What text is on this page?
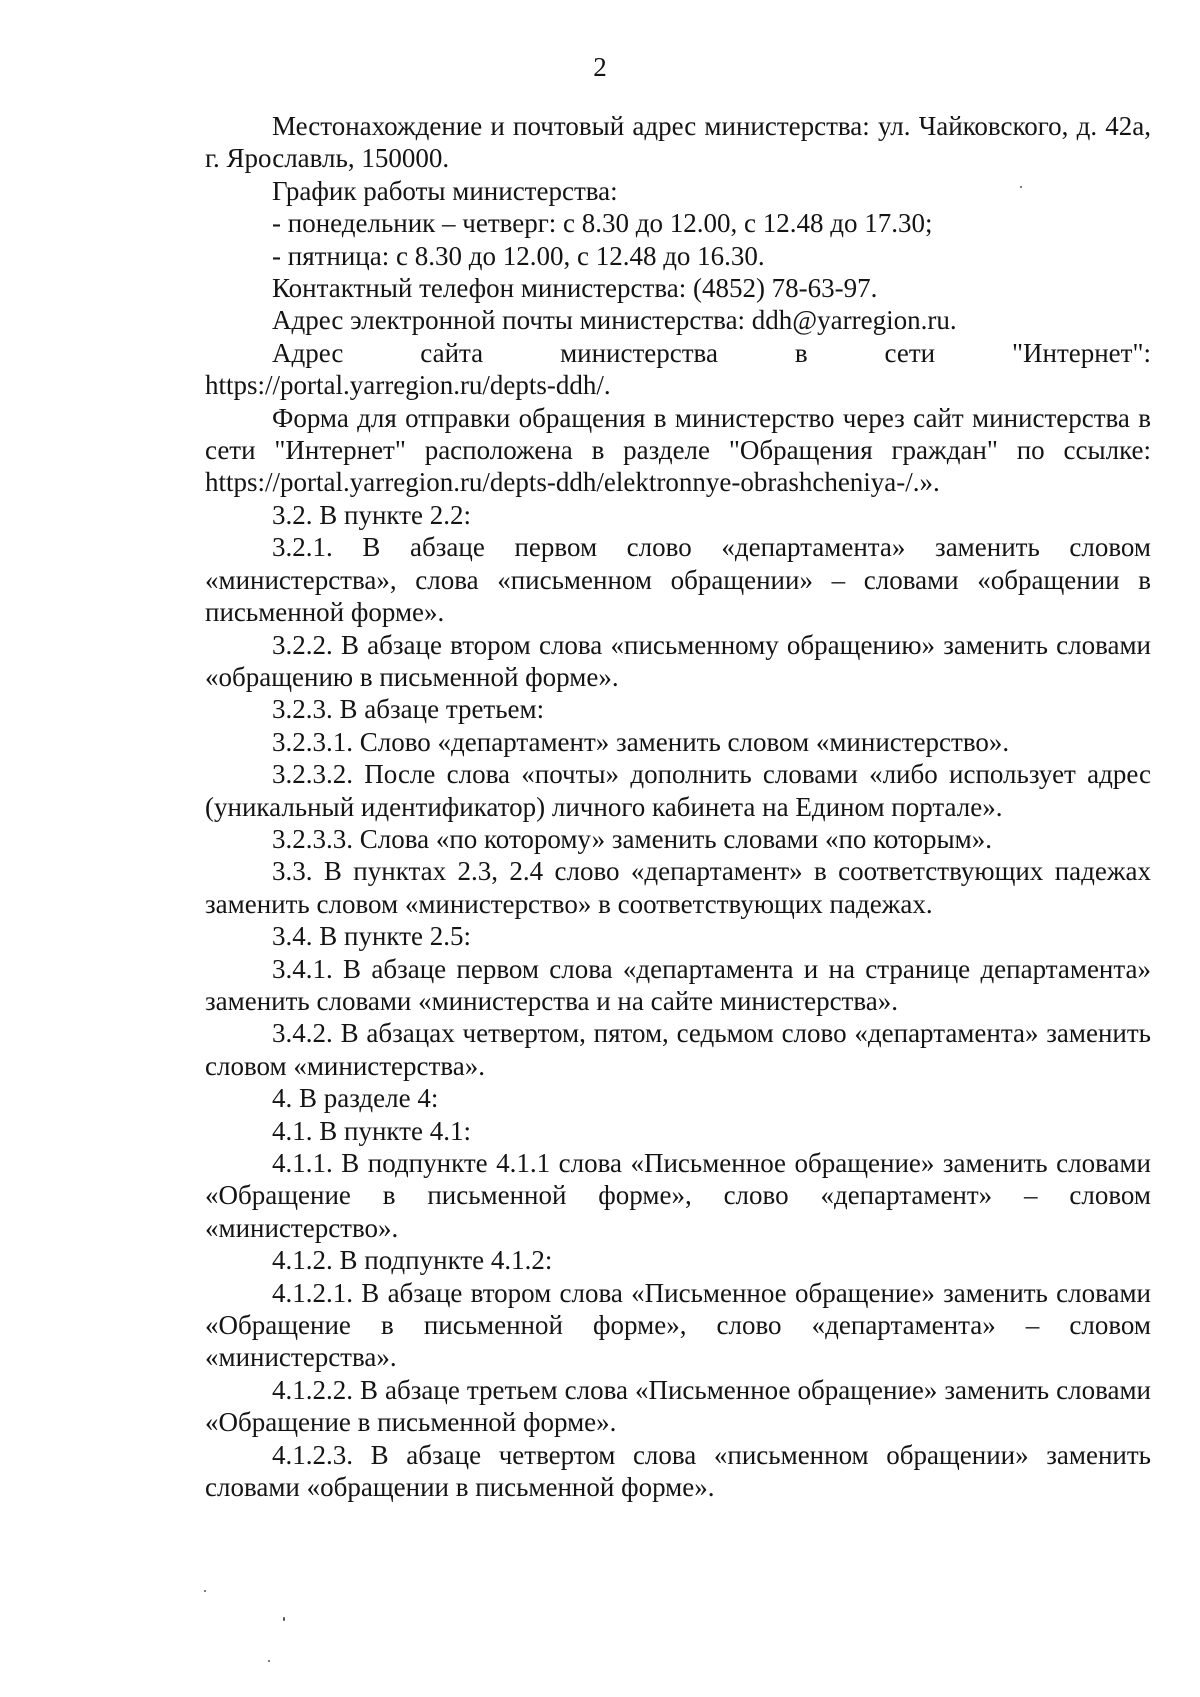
2

Местонахождение и почтовый адрес министерства: ул. Чайковского, д. 42а, г. Ярославль, 150000.

График работы министерства:

- понедельник – четверг: с 8.30 до 12.00, с 12.48 до 17.30;

- пятница: с 8.30 до 12.00, с 12.48 до 16.30.

Контактный телефон министерства: (4852) 78-63-97.

Адрес электронной почты министерства: ddh@yarregion.ru.

Адрес сайта министерства в сети "Интернет":

https://portal.yarregion.ru/depts-ddh/.

Форма для отправки обращения в министерство через сайт министерства в сети "Интернет" расположена в разделе "Обращения граждан" по ссылке: https://portal.yarregion.ru/depts-ddh/elektronnye-obrashcheniya-/.».

3.2. В пункте 2.2:

3.2.1. В абзаце первом слово «департамента» заменить словом «министерства», слова «письменном обращении» – словами «обращении в письменной форме».

3.2.2. В абзаце втором слова «письменному обращению» заменить словами «обращению в письменной форме».

3.2.3. В абзаце третьем:

3.2.3.1. Слово «департамент» заменить словом «министерство».

3.2.3.2. После слова «почты» дополнить словами «либо использует адрес (уникальный идентификатор) личного кабинета на Едином портале».

3.2.3.3. Слова «по которому» заменить словами «по которым».

3.3. В пунктах 2.3, 2.4 слово «департамент» в соответствующих падежах заменить словом «министерство» в соответствующих падежах.

3.4. В пункте 2.5:

3.4.1. В абзаце первом слова «департамента и на странице департамента» заменить словами «министерства и на сайте министерства».

3.4.2. В абзацах четвертом, пятом, седьмом слово «департамента» заменить словом «министерства».

4. В разделе 4:

4.1. В пункте 4.1:

4.1.1. В подпункте 4.1.1 слова «Письменное обращение» заменить словами «Обращение в письменной форме», слово «департамент» – словом «министерство».

4.1.2. В подпункте 4.1.2:

4.1.2.1. В абзаце втором слова «Письменное обращение» заменить словами «Обращение в письменной форме», слово «департамента» – словом «министерства».

4.1.2.2. В абзаце третьем слова «Письменное обращение» заменить словами «Обращение в письменной форме».

4.1.2.3. В абзаце четвертом слова «письменном обращении» заменить словами «обращении в письменной форме».
